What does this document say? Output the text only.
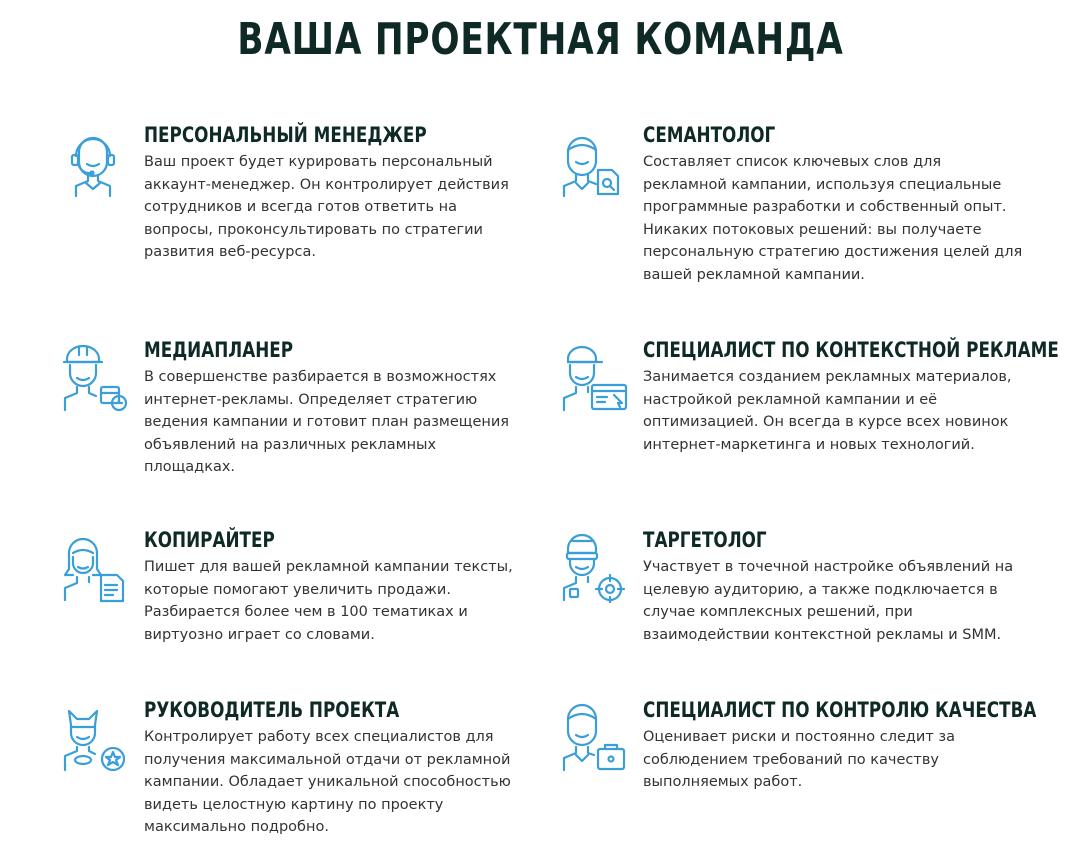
ВАША ПРОЕКТНАЯ КОМАНДА
ПЕРСОНАЛЬНЫЙ МЕНЕДЖЕР

Ваш проект будет курировать персональный аккаунт-менеджер. Он контролирует действия сотрудников и всегда готов ответить на вопросы, проконсультировать по стратегии развития веб-ресурса.

СЕМАНТОЛОГ

Составляет список ключевых слов для рекламной кампании, используя специальные программные разработки и собственный опыт. Никаких потоковых решений: вы получаете персональную стратегию достижения целей для вашей рекламной кампании.

МЕДИАПЛАНЕР

В совершенстве разбирается в возможностях интернет-рекламы. Определяет стратегию ведения кампании и готовит план размещения объявлений на различных рекламных площадках.

СПЕЦИАЛИСТ ПО КОНТЕКСТНОЙ РЕКЛАМЕ

Занимается созданием рекламных материалов, настройкой рекламной кампании и её оптимизацией. Он всегда в курсе всех новинок интернет-маркетинга и новых технологий.

КОПИРАЙТЕР

Пишет для вашей рекламной кампании тексты, которые помогают увеличить продажи. Разбирается более чем в 100 тематиках и виртуозно играет со словами.

ТАРГЕТОЛОГ

Участвует в точечной настройке объявлений на целевую аудиторию, а также подключается в случае комплексных решений, при взаимодействии контекстной рекламы и SMM.

РУКОВОДИТЕЛЬ ПРОЕКТА

Контролирует работу всех специалистов для получения максимальной отдачи от рекламной кампании. Обладает уникальной способностью видеть целостную картину по проекту максимально подробно.

СПЕЦИАЛИСТ ПО КОНТРОЛЮ КАЧЕСТВА

Оценивает риски и постоянно следит за соблюдением требований по качеству выполняемых работ.
